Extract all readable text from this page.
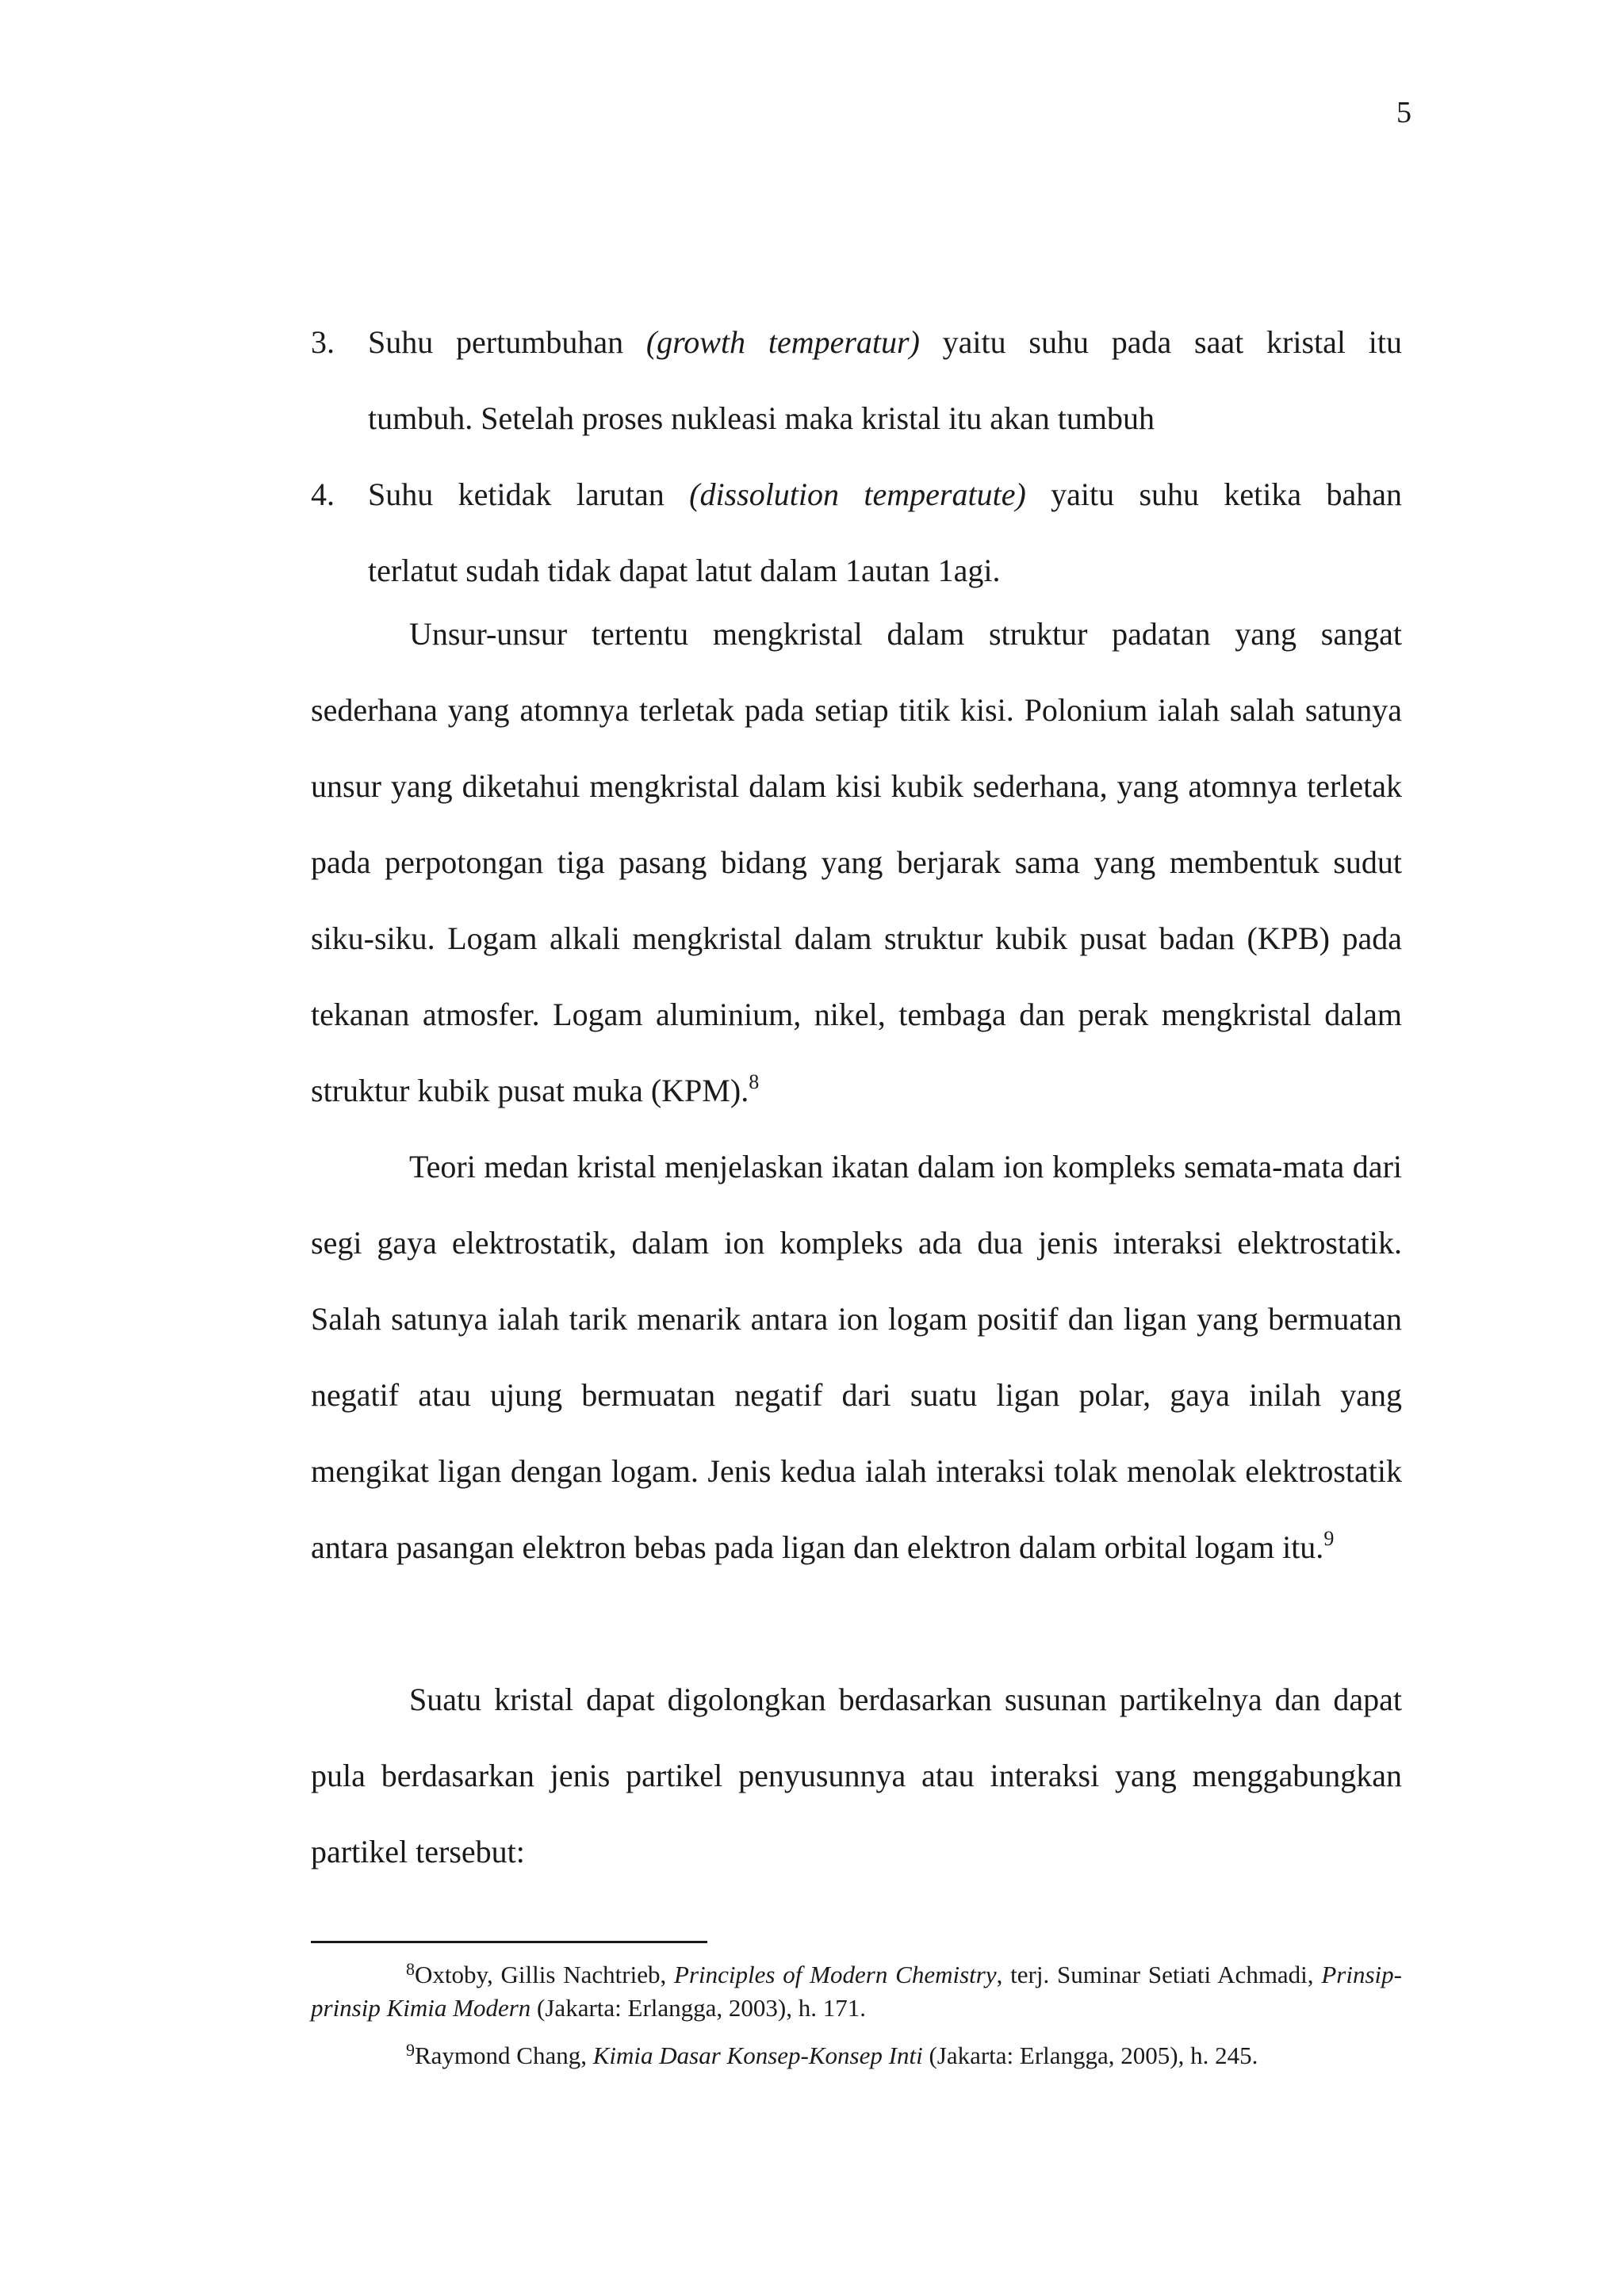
5
3.	Suhu pertumbuhan (growth temperatur) yaitu suhu pada saat kristal itu
tumbuh. Setelah proses nukleasi maka kristal itu akan tumbuh
4.	Suhu ketidak larutan (dissolution temperatute) yaitu suhu ketika bahan
terlatut sudah tidak dapat latut dalam 1autan 1agi.

Unsur-unsur tertentu mengkristal dalam struktur padatan yang sangat sederhana yang atomnya terletak pada setiap titik kisi. Polonium ialah salah satunya unsur yang diketahui mengkristal dalam kisi kubik sederhana, yang atomnya terletak pada perpotongan tiga pasang bidang yang berjarak sama yang membentuk sudut siku-siku. Logam alkali mengkristal dalam struktur kubik pusat badan (KPB) pada tekanan atmosfer. Logam aluminium, nikel, tembaga dan perak mengkristal dalam struktur kubik pusat muka (KPM).$^8$

Teori medan kristal menjelaskan ikatan dalam ion kompleks semata-mata dari segi gaya elektrostatik, dalam ion kompleks ada dua jenis interaksi elektrostatik. Salah satunya ialah tarik menarik antara ion logam positif dan ligan yang bermuatan negatif atau ujung bermuatan negatif dari suatu ligan polar, gaya inilah yang mengikat ligan dengan logam. Jenis kedua ialah interaksi tolak menolak elektrostatik antara pasangan elektron bebas pada ligan dan elektron dalam orbital logam itu.$^9$

Suatu kristal dapat digolongkan berdasarkan susunan partikelnya dan dapat pula berdasarkan jenis partikel penyusunnya atau interaksi yang menggabungkan partikel tersebut:

$^8$Oxtoby, Gillis Nachtrieb, Principles of Modern Chemistry, terj. Suminar Setiati Achmadi, Prinsip-prinsip Kimia Modern (Jakarta: Erlangga, 2003), h. 171.

$^9$Raymond Chang, Kimia Dasar Konsep-Konsep Inti (Jakarta: Erlangga, 2005), h. 245.
